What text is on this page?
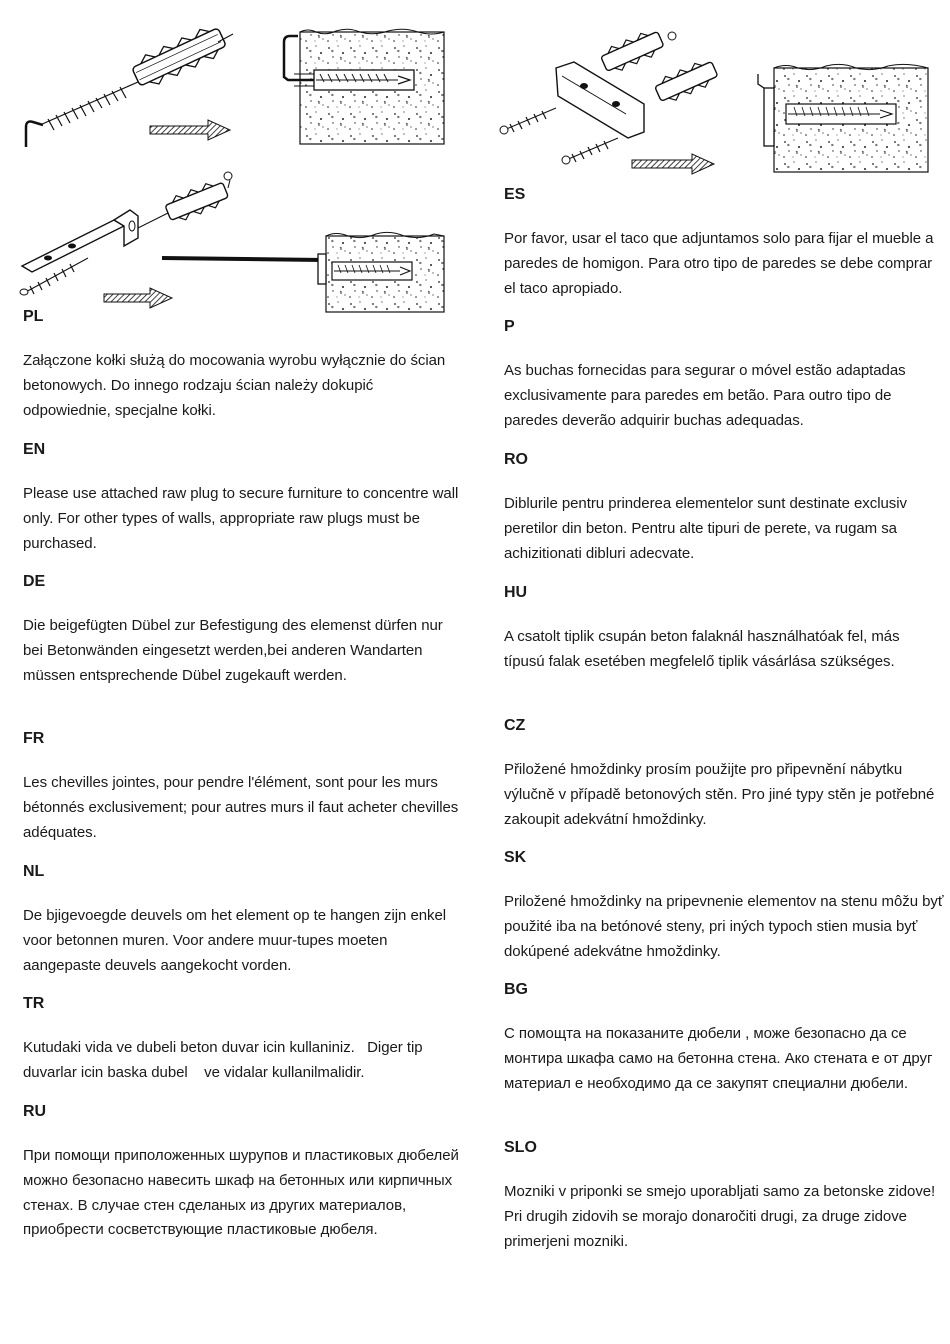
PL

Załączone kołki służą do mocowania wyrobu wyłącznie do ścian betonowych. Do innego rodzaju ścian należy dokupić odpowiednie, specjalne kołki.

EN

Please use attached raw plug to secure furniture to concentre wall only. For other types of walls, appropriate raw plugs must be purchased.

DE

Die beigefügten Dübel zur Befestigung des elemenst dürfen nur bei Betonwänden eingesetzt werden,bei anderen Wandarten müssen entsprechende Dübel zugekauft werden.

FR

Les chevilles jointes, pour pendre l'élément, sont pour les murs bétonnés exclusivement; pour autres murs il faut acheter chevilles adéquates.

NL

De bjigevoegde deuvels om het element op te hangen zijn enkel voor betonnen muren. Voor andere muur-tupes moeten aangepaste deuvels aangekocht vorden.

TR

Kutudaki vida ve dubeli beton duvar icin kullaniniz.   Diger tip duvarlar icin baska dubel    ve vidalar kullanilmalidir.

RU

При помощи приположенных шурупов и пластиковых дюбелей можно безопасно навесить шкаф на бетонных или кирпичных стенах. В случае стен сделаных из других материалов, приобрести сосветствующие пластиковые дюбеля.

ES

Por favor, usar el taco que adjuntamos solo para fijar el mueble a paredes de homigon. Para otro tipo de paredes se debe comprar el taco apropiado.

P

As buchas fornecidas para segurar o móvel estão adaptadas exclusivamente para paredes em betão. Para outro tipo de paredes deverão adquirir buchas adequadas.

RO

Diblurile pentru prinderea elementelor sunt destinate exclusiv peretilor din beton. Pentru alte tipuri de perete, va rugam sa achizitionati dibluri adecvate.

HU

A csatolt tiplik csupán beton falaknál használhatóak fel, más típusú falak esetében megfelelő tiplik vásárlása szükséges.

CZ

Přiložené hmoždinky prosím použijte pro připevnění nábytku výlučně v případě betonových stěn. Pro jiné typy stěn je potřebné zakoupit adekvátní hmoždinky.

SK

Priložené hmoždinky na pripevnenie elementov na stenu môžu byť použité iba na betónové steny, pri iných typoch stien musia byť dokúpené adekvátne hmoždinky.

BG

С помощта на показаните дюбели , може безопасно да се монтира шкафа само на бетонна стена. Ако стената е от друг материал е необходимо да се закупят специални дюбели.

SLO

Mozniki v priponki se smejo uporabljati samo za betonske zidove! Pri drugih zidovih se morajo donaročiti drugi, za druge zidove primerjeni mozniki.
